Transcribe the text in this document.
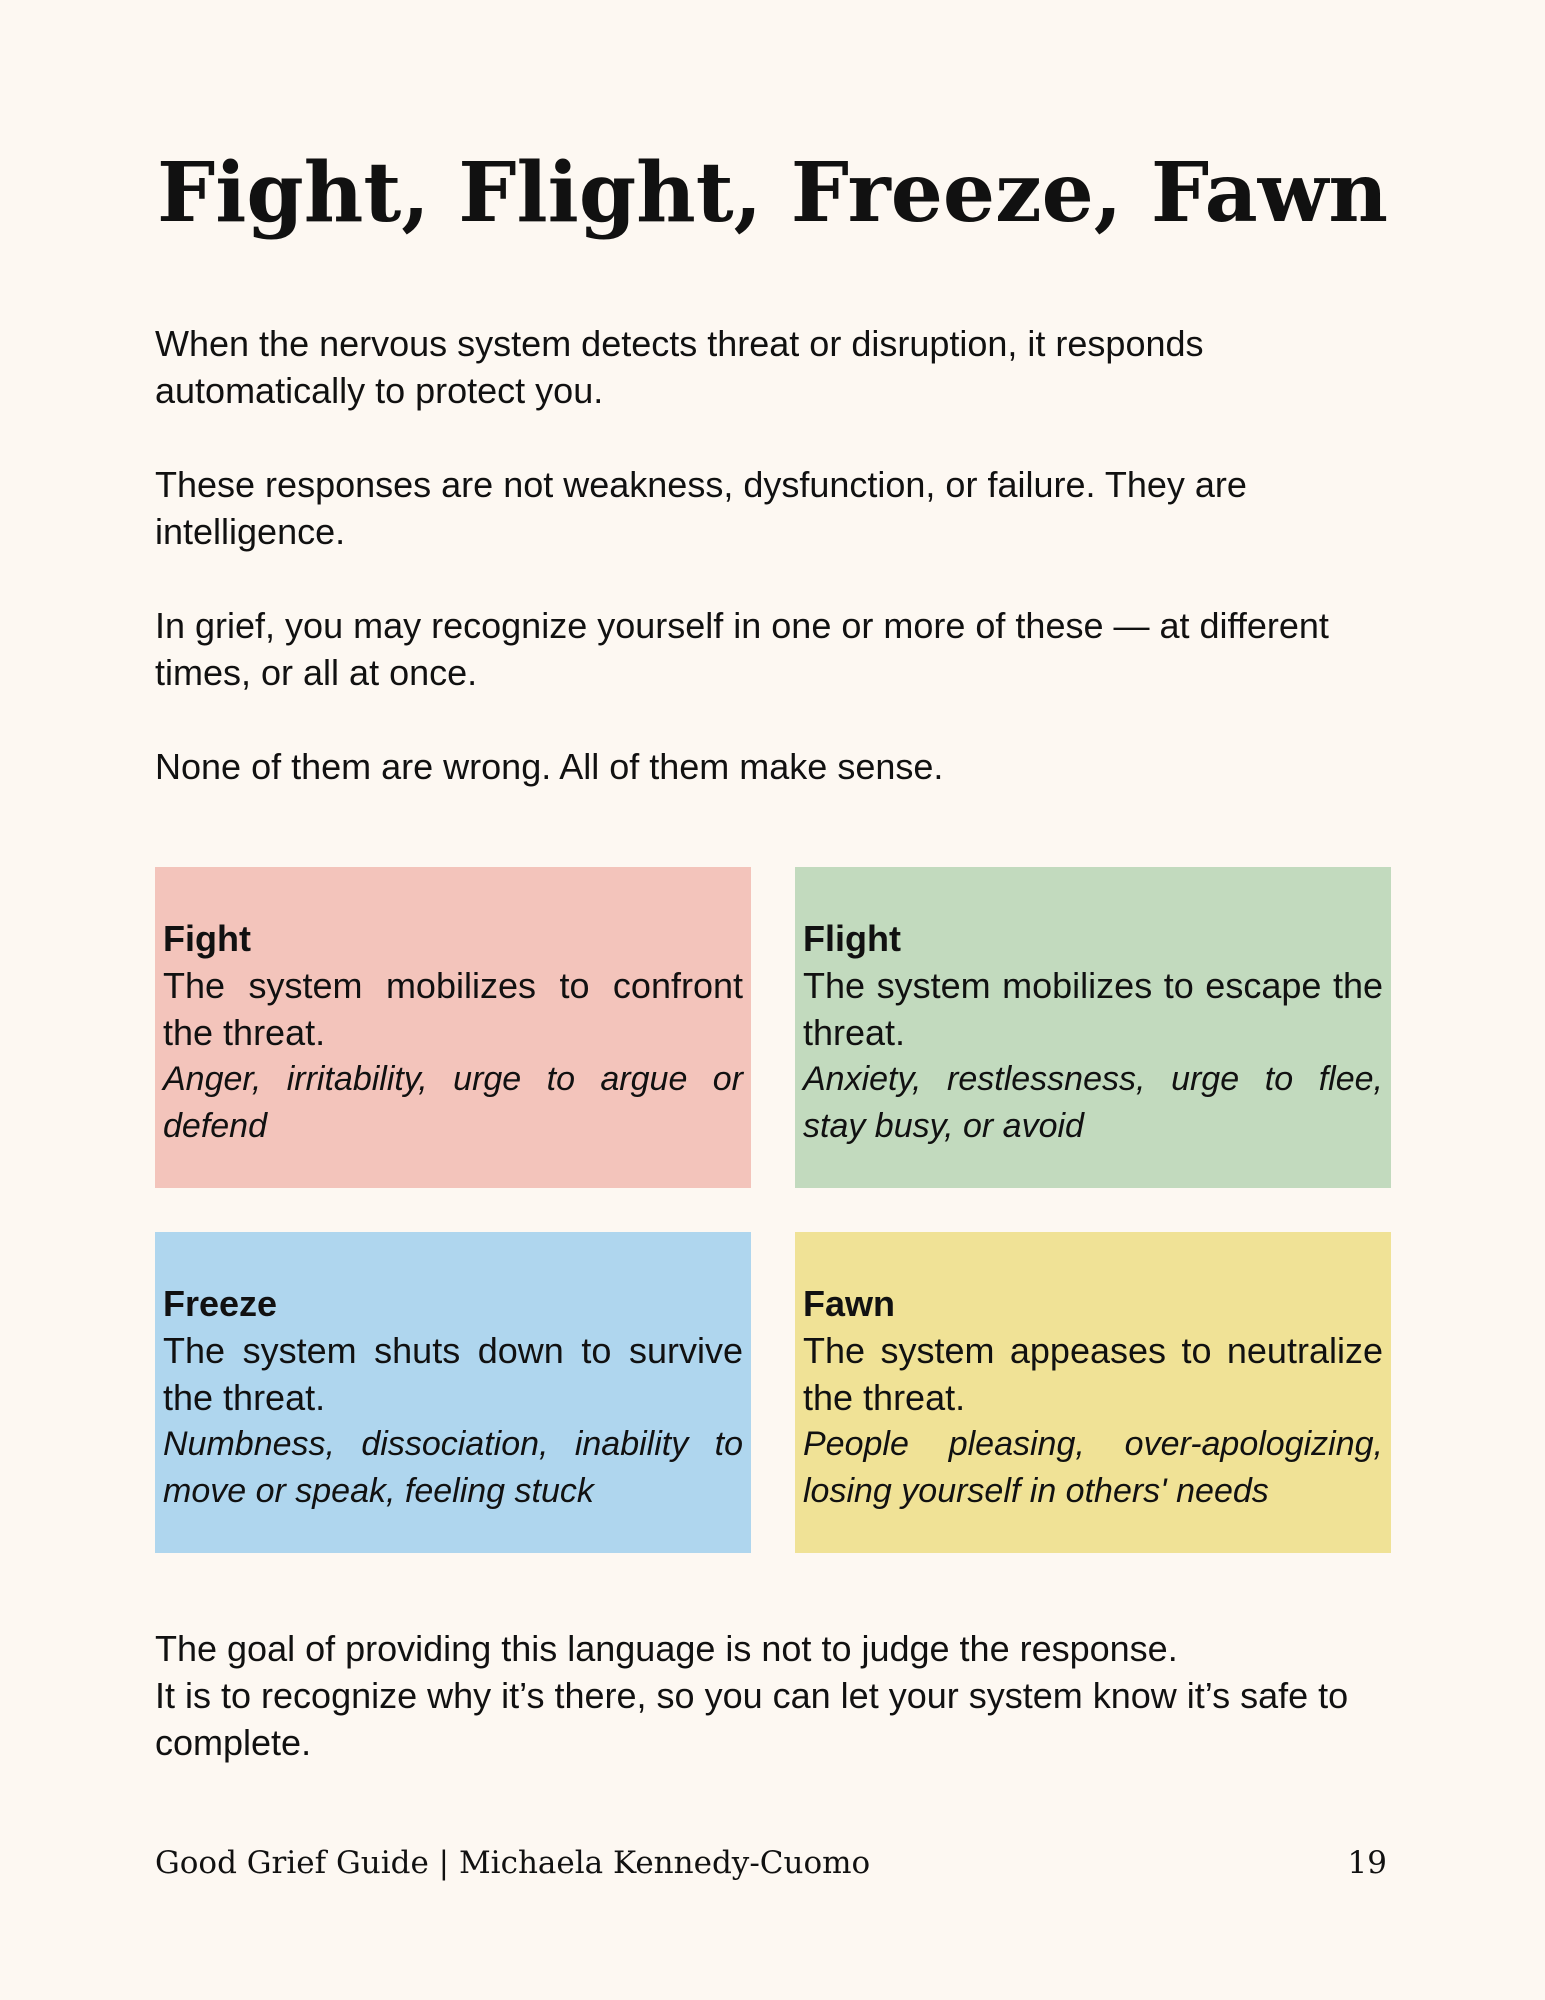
Fight, Flight, Freeze, Fawn

When the nervous system detects threat or disruption, it responds automatically to protect you.

These responses are not weakness, dysfunction, or failure. They are intelligence.

In grief, you may recognize yourself in one or more of these — at different times, or all at once.

None of them are wrong. All of them make sense.

Fight
The system mobilizes to confront the threat.
Anger, irritability, urge to argue or defend
Flight
The system mobilizes to escape the threat.
Anxiety, restlessness, urge to flee, stay busy, or avoid
Freeze
The system shuts down to survive the threat.
Numbness, dissociation, inability to move or speak, feeling stuck
Fawn
The system appeases to neutralize the threat.
People pleasing, over-apologizing, losing yourself in others' needs

The goal of providing this language is not to judge the response.

It is to recognize why it’s there, so you can let your system know it’s safe to complete.

Good Grief Guide | Michaela Kennedy-Cuomo	19
